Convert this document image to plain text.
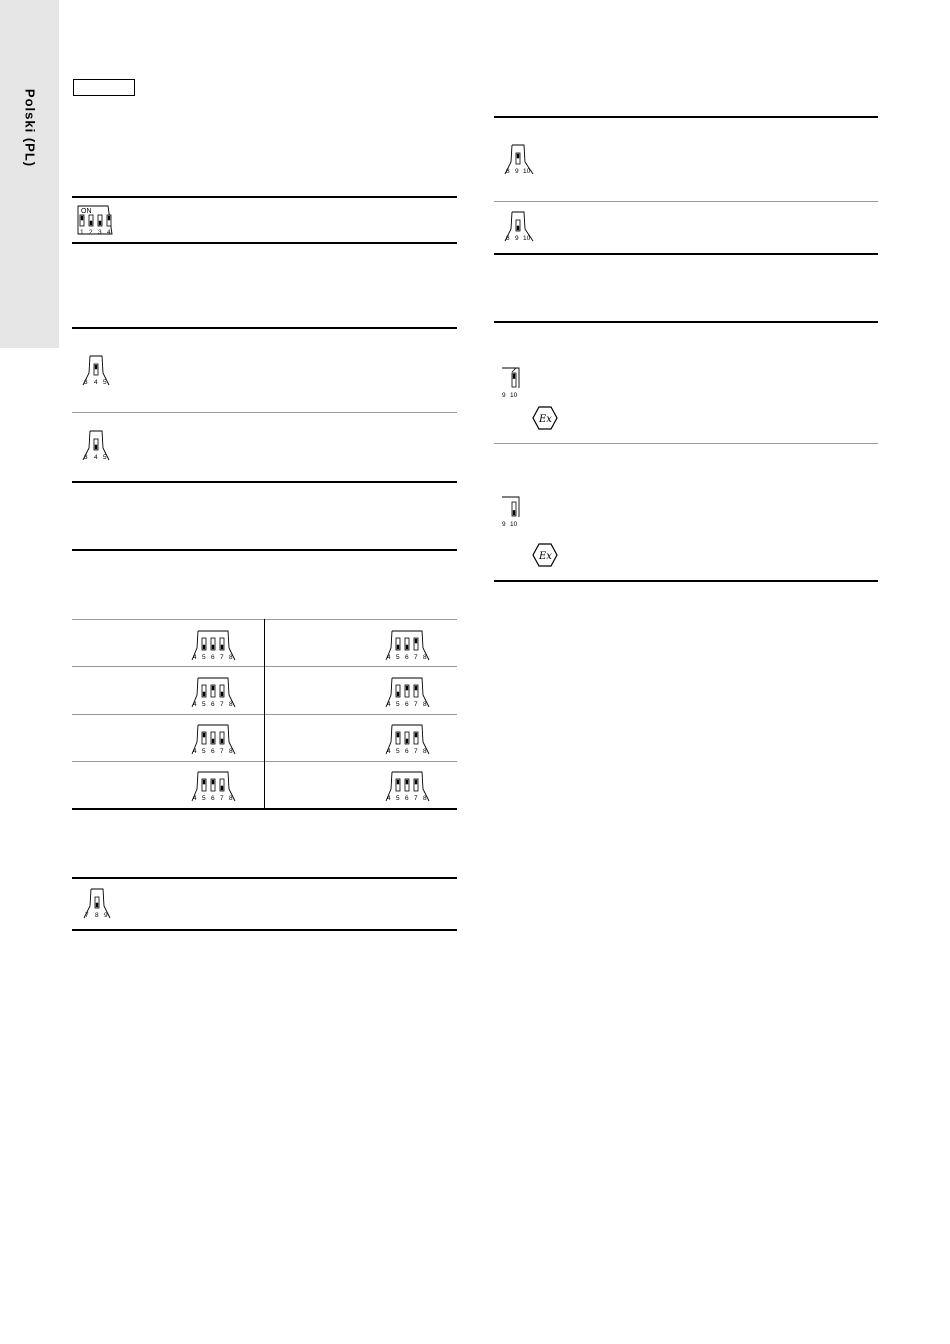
Polski (PL)
ON
1 2 3 4
3 4 5
3 4 5
4 5 6 7 8	4 5 6 7 8
4 5 6 7 8	4 5 6 7 8
4 5 6 7 8	4 5 6 7 8
4 5 6 7 8	4 5 6 7 8
7 8 9
8 9 10
8 9 10
9 10
Ex
9 10
Ex
